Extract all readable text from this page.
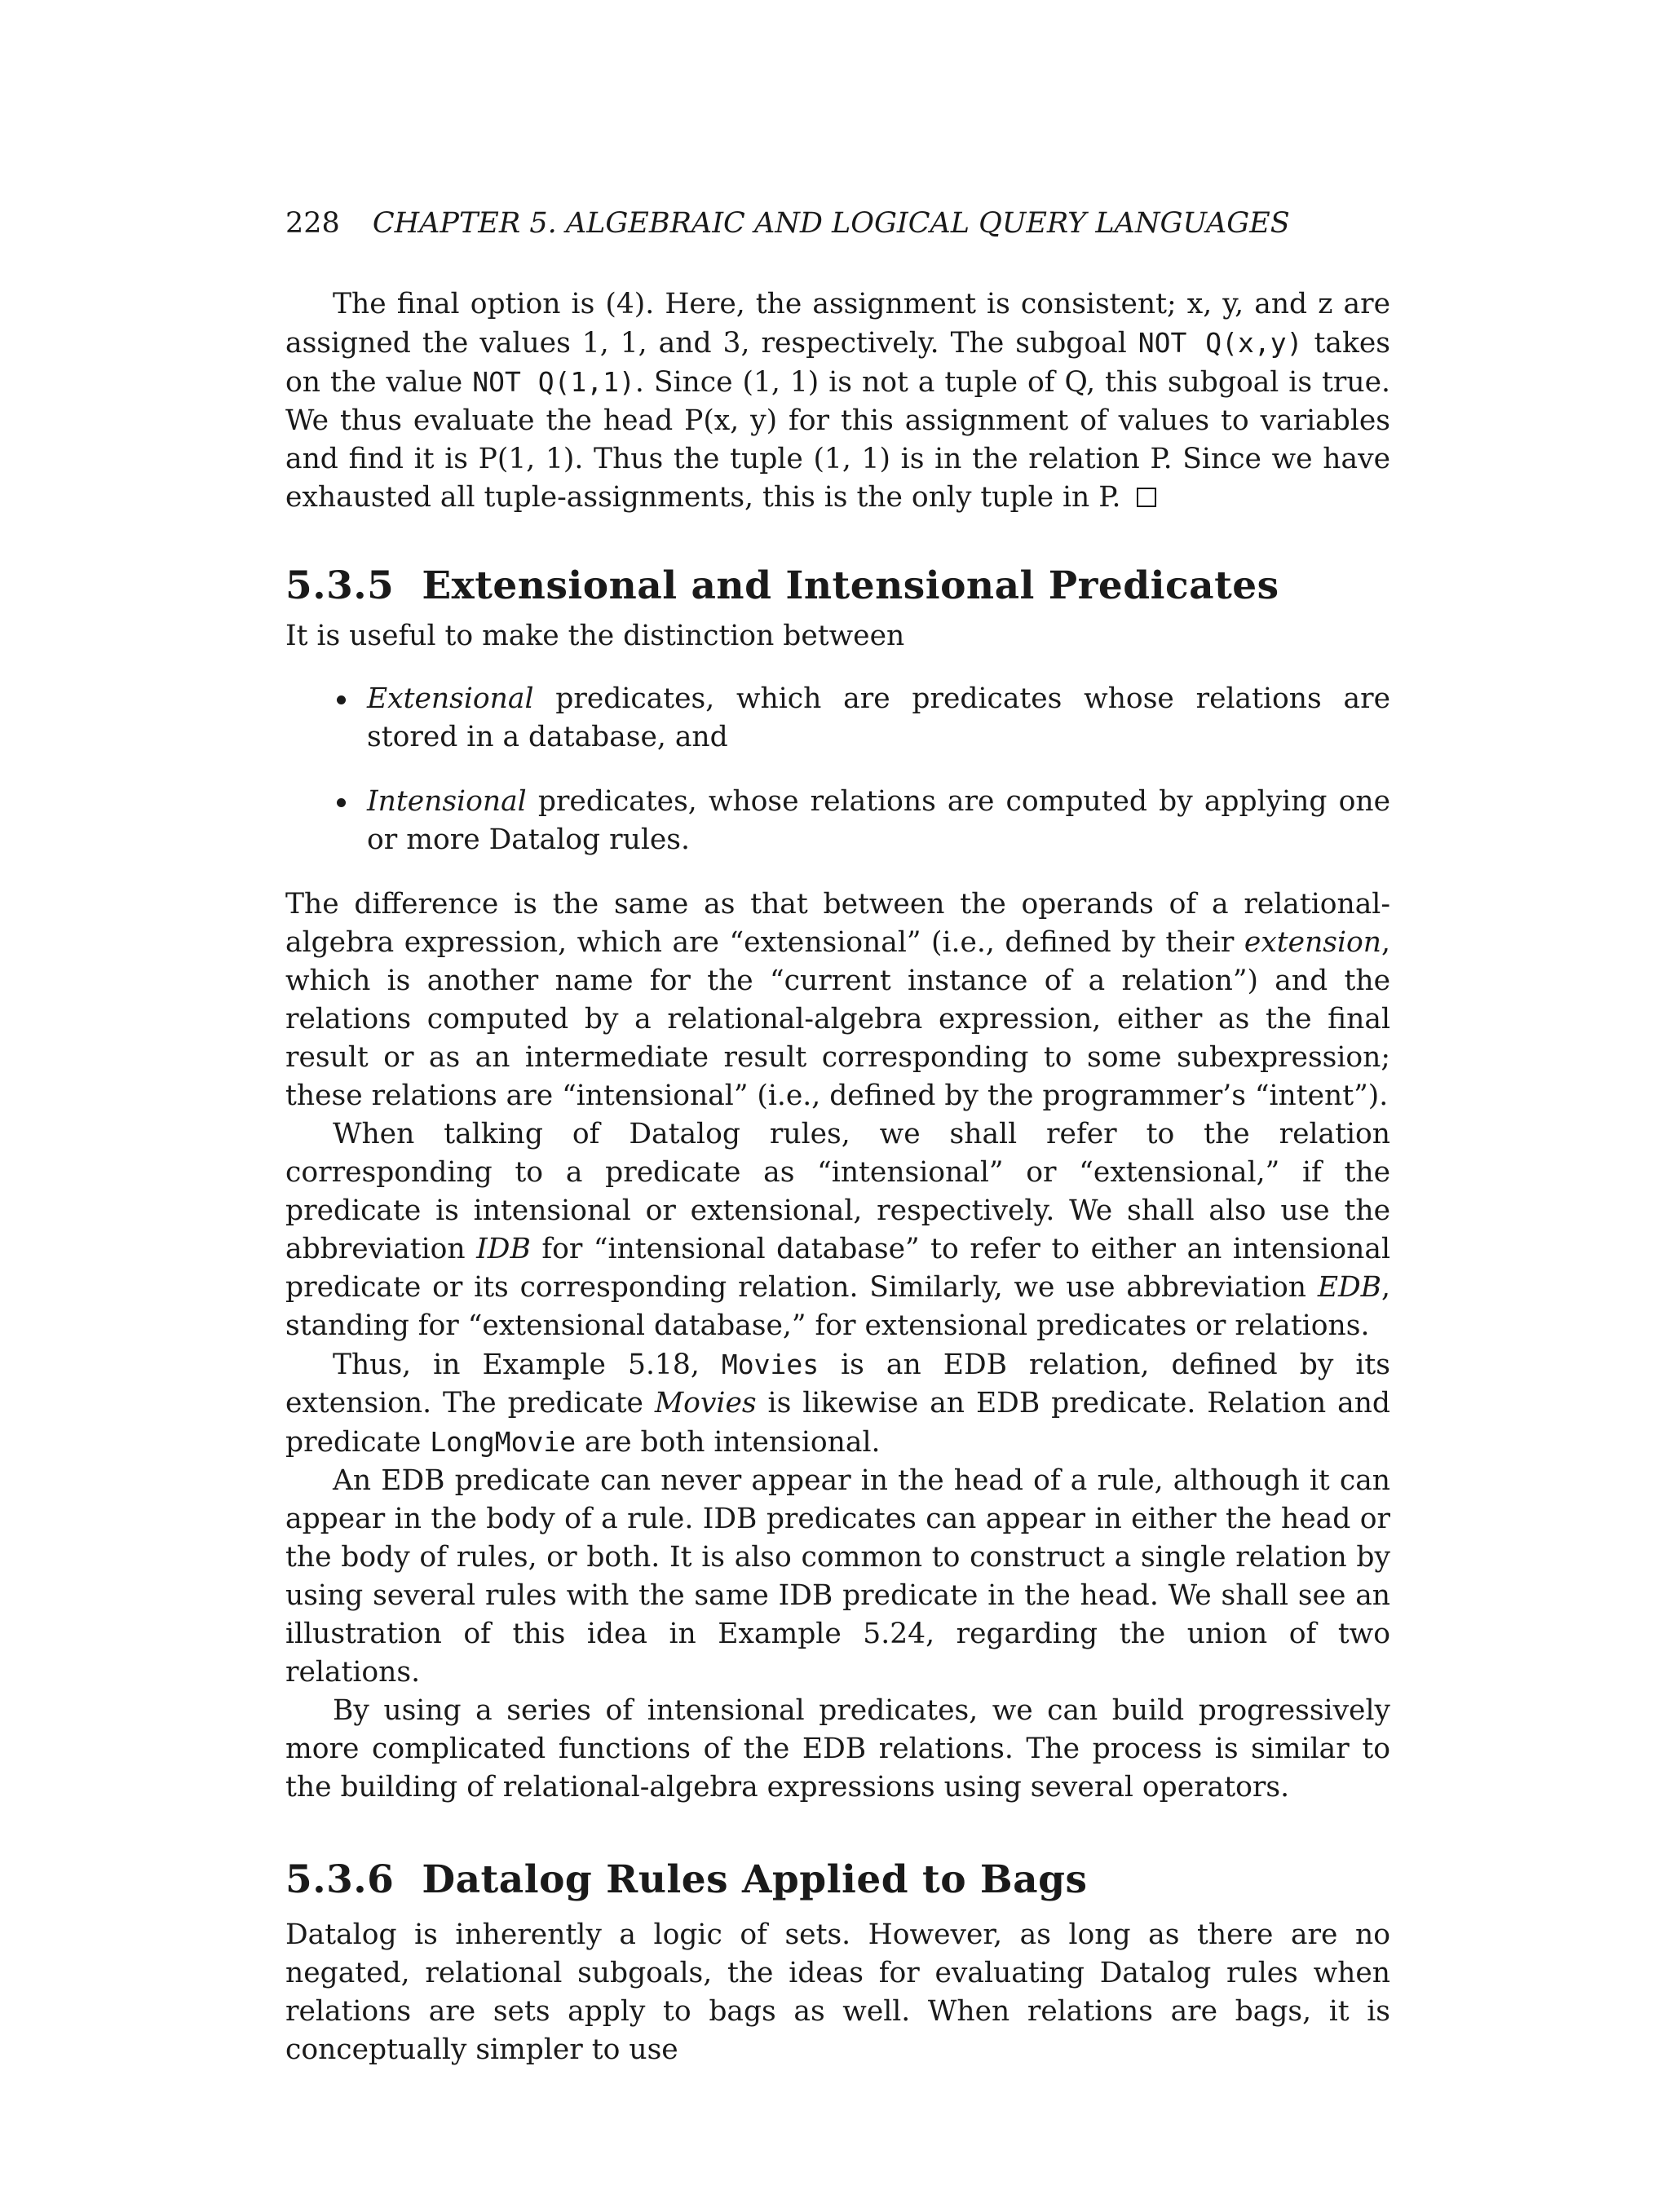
228 CHAPTER 5. ALGEBRAIC AND LOGICAL QUERY LANGUAGES

The final option is (4). Here, the assignment is consistent; x, y, and z are assigned the values 1, 1, and 3, respectively. The subgoal NOT Q(x,y) takes on the value NOT Q(1,1). Since (1, 1) is not a tuple of Q, this subgoal is true. We thus evaluate the head P(x, y) for this assignment of values to variables and find it is P(1, 1). Thus the tuple (1, 1) is in the relation P. Since we have exhausted all tuple-assignments, this is the only tuple in P.

5.3.5 Extensional and Intensional Predicates

It is useful to make the distinction between

Extensional predicates, which are predicates whose relations are stored in a database, and
Intensional predicates, whose relations are computed by applying one or more Datalog rules.

The difference is the same as that between the operands of a relational-algebra expression, which are “extensional” (i.e., defined by their extension, which is another name for the “current instance of a relation”) and the relations computed by a relational-algebra expression, either as the final result or as an intermediate result corresponding to some subexpression; these relations are “intensional” (i.e., defined by the programmer’s “intent”).

When talking of Datalog rules, we shall refer to the relation corresponding to a predicate as “intensional” or “extensional,” if the predicate is intensional or extensional, respectively. We shall also use the abbreviation IDB for “intensional database” to refer to either an intensional predicate or its corresponding relation. Similarly, we use abbreviation EDB, standing for “extensional database,” for extensional predicates or relations.

Thus, in Example 5.18, Movies is an EDB relation, defined by its extension. The predicate Movies is likewise an EDB predicate. Relation and predicate LongMovie are both intensional.

An EDB predicate can never appear in the head of a rule, although it can appear in the body of a rule. IDB predicates can appear in either the head or the body of rules, or both. It is also common to construct a single relation by using several rules with the same IDB predicate in the head. We shall see an illustration of this idea in Example 5.24, regarding the union of two relations.

By using a series of intensional predicates, we can build progressively more complicated functions of the EDB relations. The process is similar to the building of relational-algebra expressions using several operators.

5.3.6 Datalog Rules Applied to Bags

Datalog is inherently a logic of sets. However, as long as there are no negated, relational subgoals, the ideas for evaluating Datalog rules when relations are sets apply to bags as well. When relations are bags, it is conceptually simpler to use
